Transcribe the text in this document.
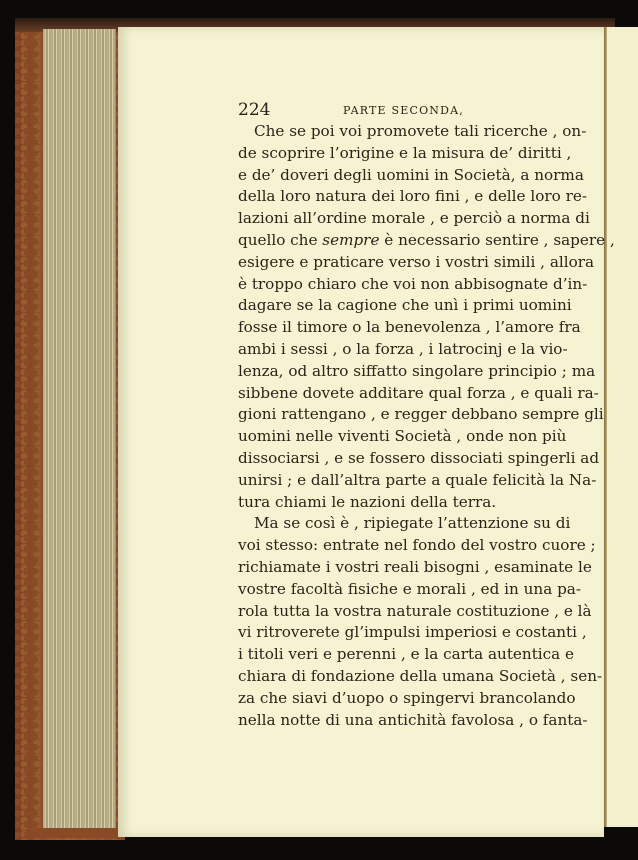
224	PARTE SECONDA,
Che se poi voi promovete tali ricerche , on-
de scoprire l’origine e la misura de’ diritti ,
e de’ doveri degli uomini in Società, a norma
della loro natura dei loro fini , e delle loro re-
lazioni all’ordine morale , e perciò a norma di
quello che sempre è necessario sentire , sapere ,
esigere e praticare verso i vostri simili , allora
è troppo chiaro che voi non abbisognate d’in-
dagare se la cagione che unì i primi uomini
fosse il timore o la benevolenza , l’amore fra
ambi i sessi , o la forza , i latrocinj e la vio-
lenza, od altro siffatto singolare principio ; ma
sibbene dovete additare qual forza , e quali ra-
gioni rattengano , e regger debbano sempre gli
uomini nelle viventi Società , onde non più
dissociarsi , e se fossero dissociati spingerli ad
unirsi ; e dall’altra parte a quale felicità la Na-
tura chiami le nazioni della terra.
Ma se così è , ripiegate l’attenzione su di
voi stesso: entrate nel fondo del vostro cuore ;
richiamate i vostri reali bisogni , esaminate le
vostre facoltà fisiche e morali , ed in una pa-
rola tutta la vostra naturale costituzione , e là
vi ritroverete gl’impulsi imperiosi e costanti ,
i titoli veri e perenni , e la carta autentica e
chiara di fondazione della umana Società , sen-
za che siavi d’uopo o spingervi brancolando
nella notte di una antichità favolosa , o fanta-
